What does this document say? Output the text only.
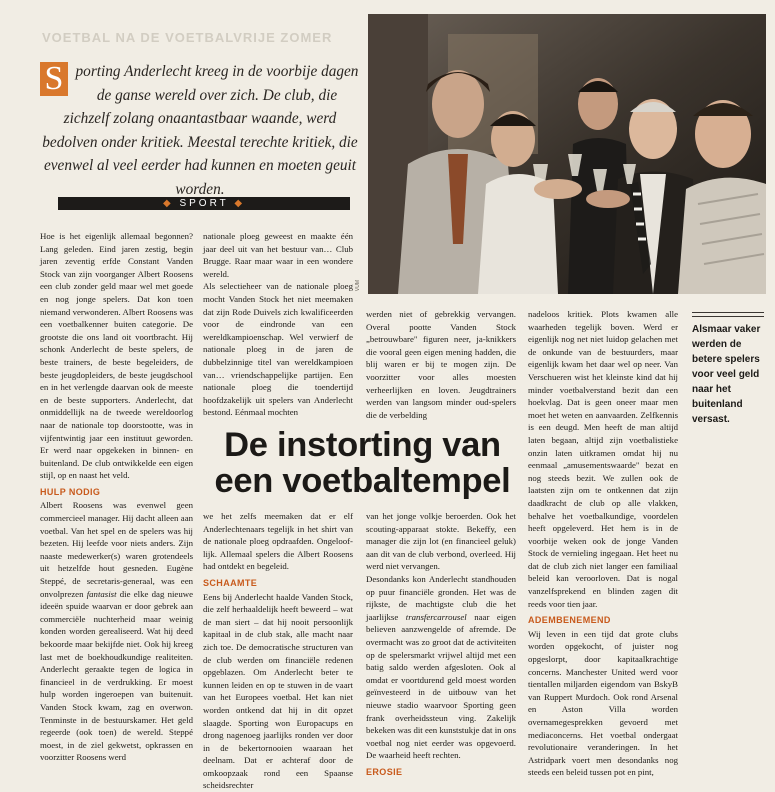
VOETBAL NA DE VOETBALVRIJE ZOMER

S porting Anderlecht kreeg in de voorbije dagen de ganse wereld over zich. De club, die zichzelf zolang onaantastbaar waande, werd bedolven onder kritiek. Meestal terechte kritiek, die evenwel al veel eerder had kunnen en moeten geuit worden.

◆ SPORT ◆
VUM

Hoe is het eigenlijk allemaal begonnen? Lang geleden. Eind jaren zestig, begin jaren zeventig erfde Constant Vanden Stock van zijn voorganger Albert Roosens een club zonder geld maar wel met goede en nog jonge spelers. Dat kon toen niemand verwonderen. Albert Roosens was een voetbalkenner buiten categorie. De grootste die ons land oit voortbracht. Hij schonk Anderlecht de beste spelers, de beste trainers, de beste begeleiders, de beste jeugdopleiders, de beste jeugdschool en in het verlengde daarvan ook de meeste en de beste supporters. Anderlecht, dat onmiddellijk na de tweede wereldoorlog naar de nationale top doorstootte, was in vijfentwintig jaar een instituut geworden. Er werd naar opgekeken in binnen- en buitenland. De club ontwikkelde een eigen stijl, op en naast het veld.

HULP NODIG

Albert Roosens was evenwel geen commercieel manager. Hij dacht alleen aan voetbal. Van het spel en de spelers was hij bezeten. Hij leefde voor niets anders. Zijn naaste medewerker(s) waren grotendeels uit hetzelfde hout gesneden. Eugène Steppé, de secretaris-generaal, was een onvolprezen fantasist die elke dag nieuwe ideeën spuide waarvan er door gebrek aan commerciële nuchterheid maar weinig konden worden gerealiseerd. Wat hij deed bekoorde maar bekijfde niet. Ook hij kreeg last met de boekhoudkundige realiteiten. Anderlecht geraakte tegen de logica in financieel in de verdrukking. Er moest hulp worden ingeroepen van buitenuit. Vanden Stock kwam, zag en overwon. Tenminste in de bestuurskamer. Het geld regeerde (ook toen) de wereld. Steppé moest, in de ziel gekwetst, opkrassen en voorzitter Roosens werd

nationale ploeg geweest en maakte één jaar deel uit van het bestuur van… Club Brugge. Raar maar waar in een wondere wereld.

Als selectieheer van de nationale ploeg mocht Vanden Stock het niet meemaken dat zijn Rode Duivels zich kwalificeerden voor de eindronde van een wereldkampioenschap. Wel verwierf de nationale ploeg in de jaren de dubbelzinnige titel van wereldkampioen van… vriendschappelijke partijen. Een nationale ploeg die toendertijd hoofdzakelijk uit spelers van Anderlecht bestond. Eénmaal mochten

we het zelfs meemaken dat er elf Anderlechtenaars tegelijk in het shirt van de nationale ploeg opdraafden. Ongeloof-lijk. Allemaal spelers die Albert Roosens had ontdekt en begeleid.

SCHAAMTE

Eens bij Anderlecht haalde Vanden Stock, die zelf herhaaldelijk heeft beweerd – wat de man siert – dat hij nooit persoonlijk kapitaal in de club stak, alle macht naar zich toe. De democratische structuren van de club werden om financiële redenen opgeblazen. Om Anderlecht beter te kunnen leiden en op te stuwen in de vaart van het Europees voetbal. Het kan niet worden ontkend dat hij in dit opzet slaagde. Sporting won Europacups en drong nagenoeg jaarlijks ronden ver door in de bekertornooien waaraan het deelnam. Dat er achteraf door de omkoopzaak rond een Spaanse scheidsrechter

werden niet of gebrekkig vervangen. Overal pootte Vanden Stock „betrouwbare" figuren neer, ja-knikkers die vooral geen eigen mening hadden, die blij waren er bij te mogen zijn. De voorzitter voor alles moesten verheerlijken en loven. Jeugdtrainers werden van langsom minder oud-spelers die de verbelding

De instorting van een voetbaltempel

van het jonge volkje beroerden. Ook het scouting-apparaat stokte. Bekeffy, een manager die zijn lot (en financieel geluk) aan dit van de club verbond, overleed. Hij werd niet vervangen.

Desondanks kon Anderlecht standhouden op puur financiële gronden. Het was de rijkste, de machtigste club die het jaarlijkse transfercarrousel naar eigen believen aanzwengelde of afremde. De overmacht was zo groot dat de activiteiten op de spelersmarkt vrijwel altijd met een batig saldo werden afgesloten. Ook al omdat er voortdurend geld moest worden geïnvesteerd in de uitbouw van het nieuwe stadio waarvoor Sporting geen frank overheidssteun ving. Zakelijk bekeken was dit een kunststukje dat in ons voetbal nog niet eerder was opgevoerd. De waarheid heeft rechten.

EROSIE

nadeloos kritiek. Plots kwamen alle waarheden tegelijk boven. Werd er eigenlijk nog net niet luidop gelachen met de onkunde van de bestuurders, maar eigenlijk kwam het daar wel op neer. Van Verschueren wist het kleinste kind dat hij minder voetbalverstand bezit dan een hoekvlag. Dat is geen oneer maar men moet het weten en aanvaarden. Zelfkennis is een deugd. Men heeft de man altijd laten begaan, altijd zijn voetbalistieke onzin laten uitkramen omdat hij nu eenmaal „amusementswaarde" bezat en nog steeds bezit. We zullen ook de laatsten zijn om te ontkennen dat zijn daadkracht de club op alle vlakken, behalve het voetbalkundige, voordelen heeft opgeleverd. Het hem is in de voorbije weken ook de jonge Vanden Stock de vernieling ingegaan. Het heet nu dat de club zich niet langer een familiaal beleid kan veroorloven. Dat is nogal vanzelfsprekend en blinden zagen dit reeds voor tien jaar.

ADEMBENEMEND

Wij leven in een tijd dat grote clubs worden opgekocht, of juister nog opgeslorpt, door kapitaalkrachtige concerns. Manchester United werd voor tientallen miljarden eigendom van BskyB van Ruppert Murdoch. Ook rond Arsenal en Aston Villa worden overnamegesprekken gevoerd met mediaconcerns. Het voetbal ondergaat revolutionaire veranderingen. In het Astridpark voert men desondanks nog steeds een beleid tussen pot en pint,

Alsmaar vaker werden de betere spelers voor veel geld naar het buitenland versast.
